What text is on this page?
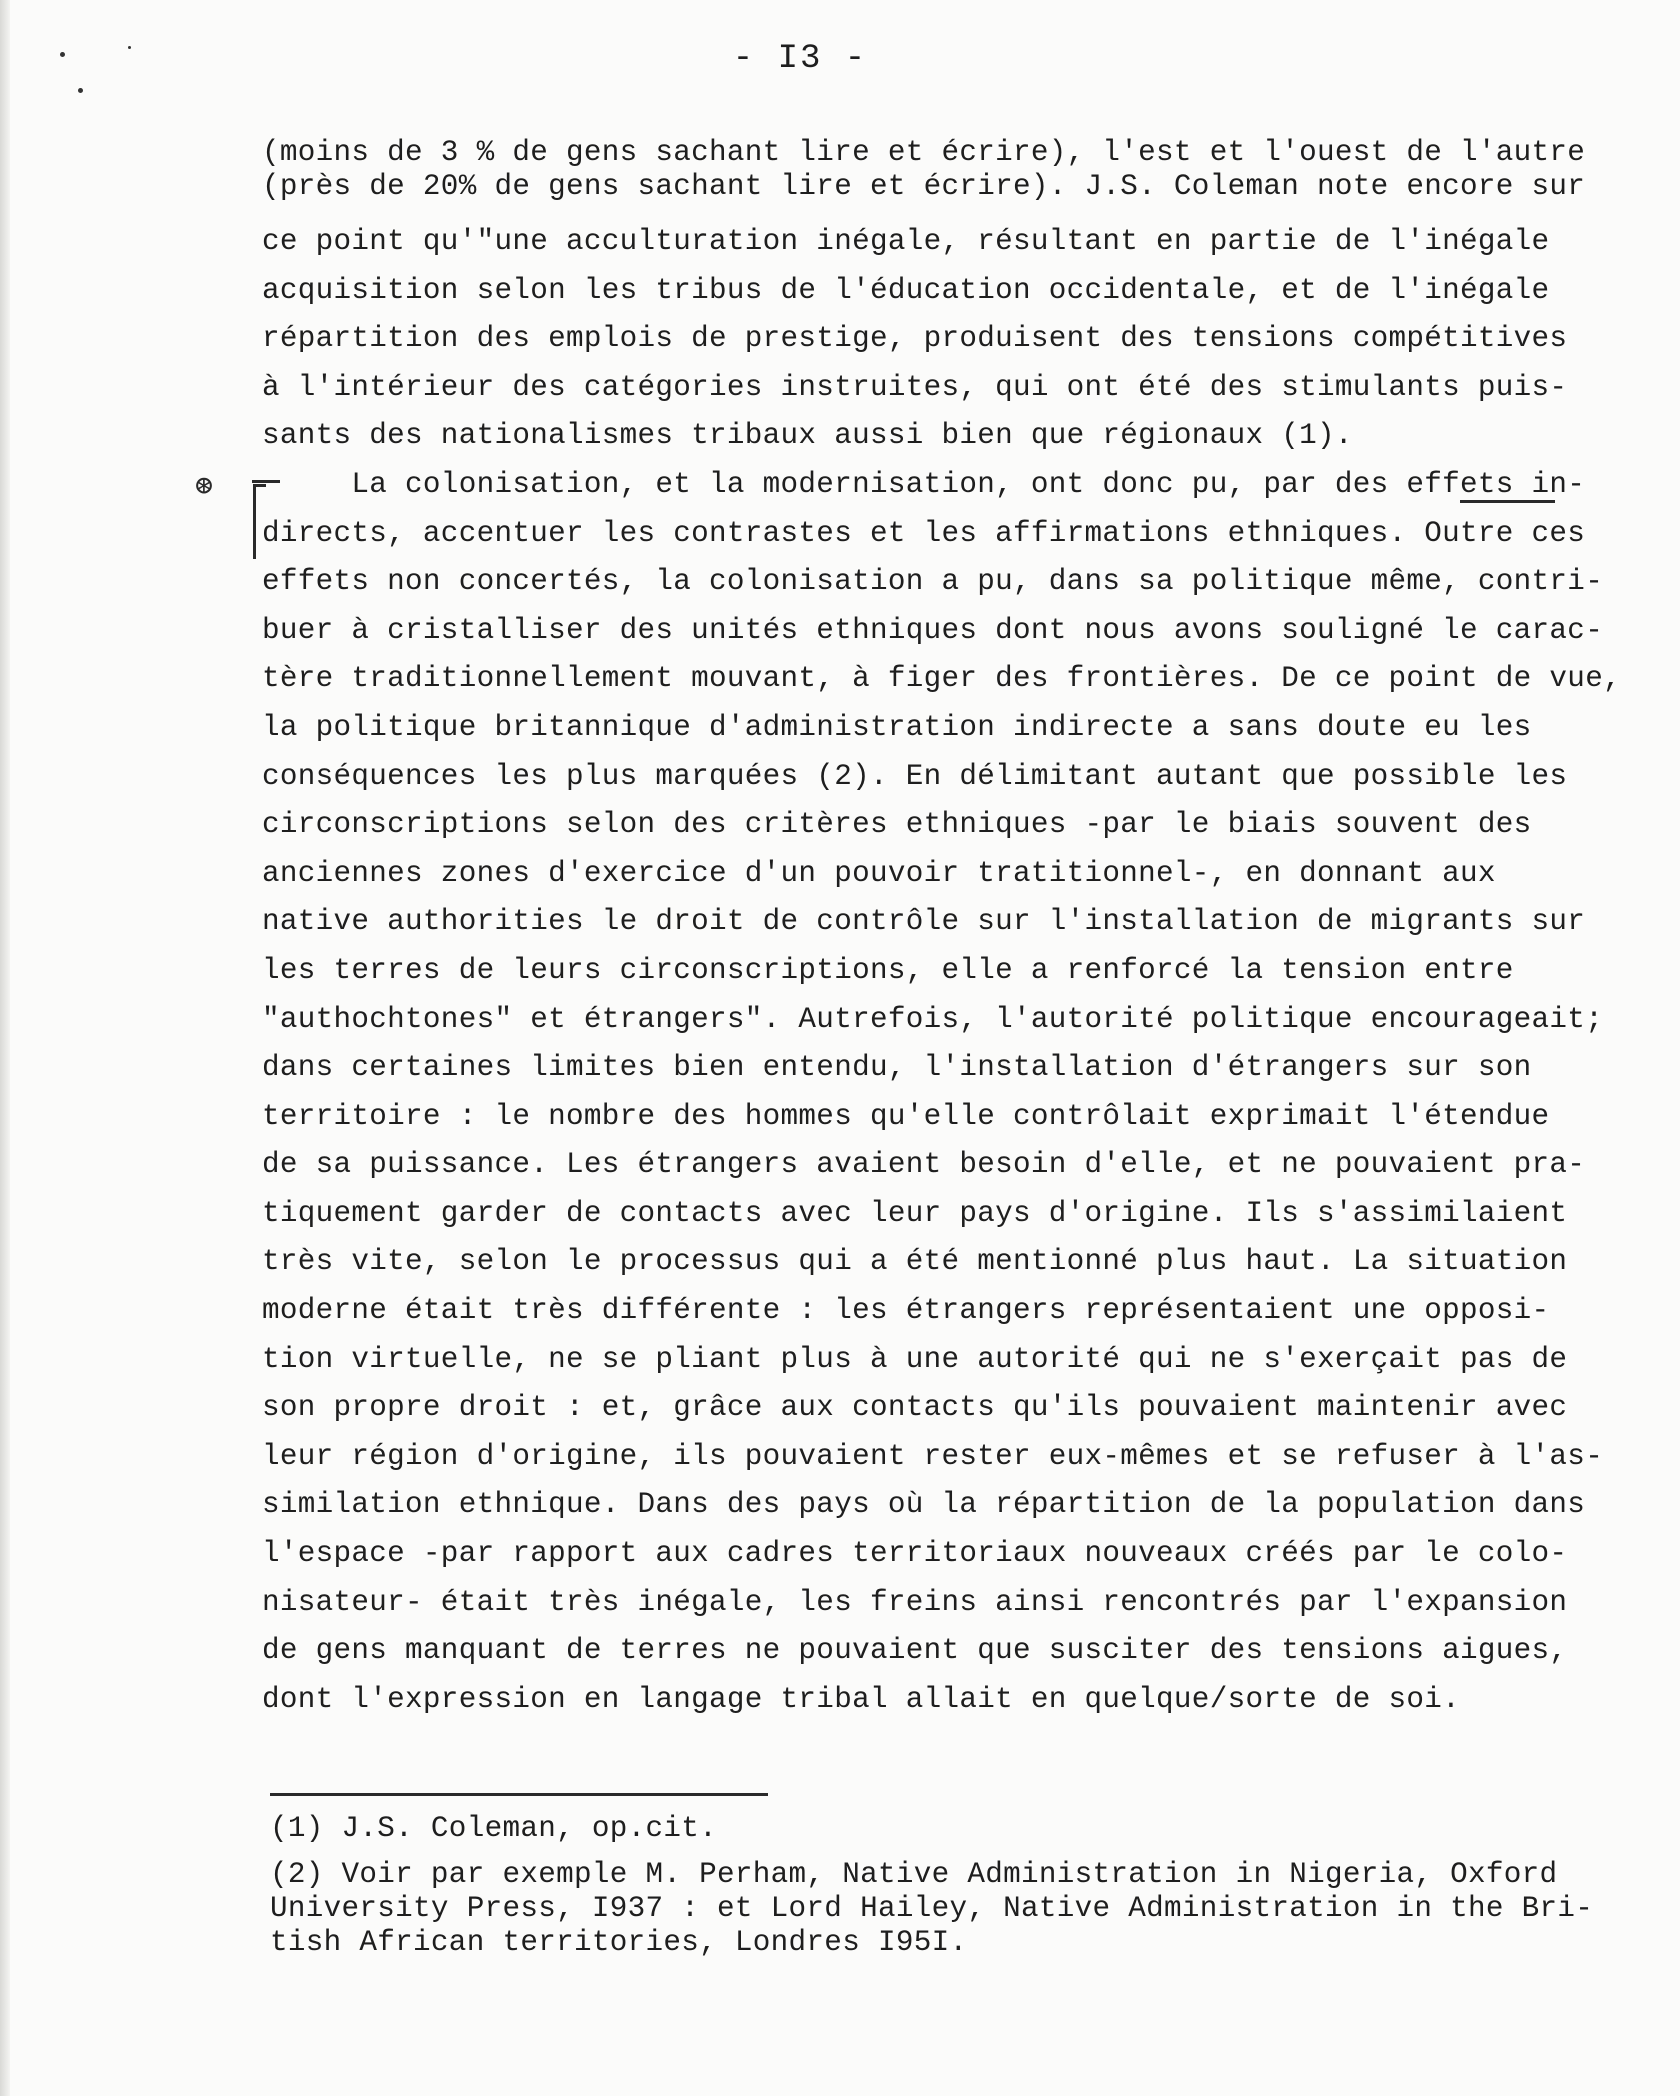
- I3 -
⊛
(moins de 3 % de gens sachant lire et écrire), l'est et l'ouest de l'autre
(près de 20% de gens sachant lire et écrire). J.S. Coleman note encore sur
ce point qu'"une acculturation inégale, résultant en partie de l'inégale
acquisition selon les tribus de l'éducation occidentale, et de l'inégale
répartition des emplois de prestige, produisent des tensions compétitives
à l'intérieur des catégories instruites, qui ont été des stimulants puis-
sants des nationalismes tribaux aussi bien que régionaux (1).
La colonisation, et la modernisation, ont donc pu, par des effets in-
directs, accentuer les contrastes et les affirmations ethniques. Outre ces
effets non concertés, la colonisation a pu, dans sa politique même, contri-
buer à cristalliser des unités ethniques dont nous avons souligné le carac-
tère traditionnellement mouvant, à figer des frontières. De ce point de vue,
la politique britannique d'administration indirecte a sans doute eu les
conséquences les plus marquées (2). En délimitant autant que possible les
circonscriptions selon des critères ethniques -par le biais souvent des
anciennes zones d'exercice d'un pouvoir tratitionnel-, en donnant aux
native authorities le droit de contrôle sur l'installation de migrants sur
les terres de leurs circonscriptions, elle a renforcé la tension entre
"authochtones" et étrangers". Autrefois, l'autorité politique encourageait;
dans certaines limites bien entendu, l'installation d'étrangers sur son
territoire : le nombre des hommes qu'elle contrôlait exprimait l'étendue
de sa puissance. Les étrangers avaient besoin d'elle, et ne pouvaient pra-
tiquement garder de contacts avec leur pays d'origine. Ils s'assimilaient
très vite, selon le processus qui a été mentionné plus haut. La situation
moderne était très différente : les étrangers représentaient une opposi-
tion virtuelle, ne se pliant plus à une autorité qui ne s'exerçait pas de
son propre droit : et, grâce aux contacts qu'ils pouvaient maintenir avec
leur région d'origine, ils pouvaient rester eux-mêmes et se refuser à l'as-
similation ethnique. Dans des pays où la répartition de la population dans
l'espace -par rapport aux cadres territoriaux nouveaux créés par le colo-
nisateur- était très inégale, les freins ainsi rencontrés par l'expansion
de gens manquant de terres ne pouvaient que susciter des tensions aigues,
dont l'expression en langage tribal allait en quelque/sorte de soi.
(1) J.S. Coleman, op.cit.
(2) Voir par exemple M. Perham, Native Administration in Nigeria, Oxford
University Press, I937 : et Lord Hailey, Native Administration in the Bri-
tish African territories, Londres I95I.
